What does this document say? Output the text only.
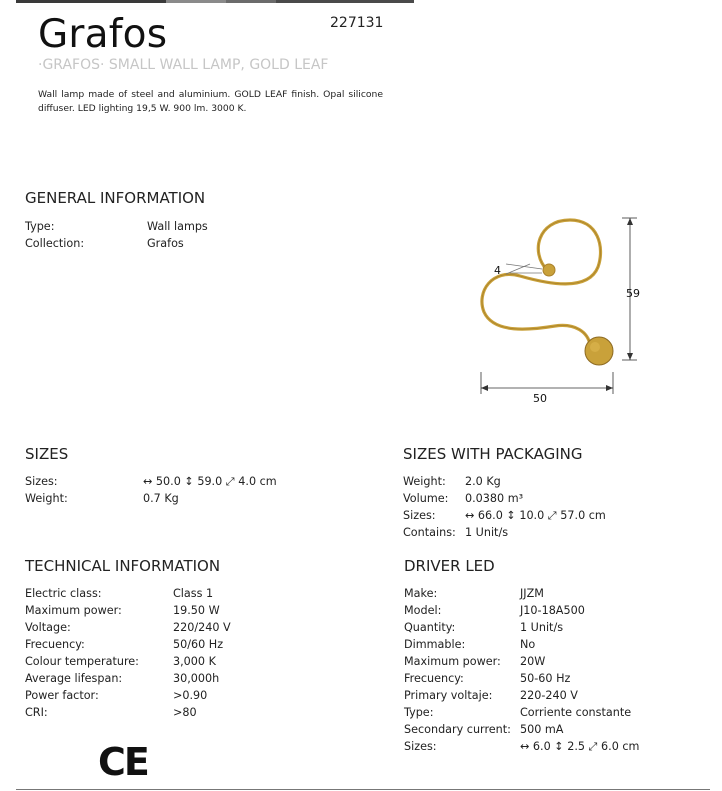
Grafos	227131
·GRAFOS· SMALL WALL LAMP, GOLD LEAF
Wall lamp made of steel and aluminium. GOLD LEAF finish. Opal silicone diffuser. LED lighting 19,5 W. 900 lm. 3000 K.
GENERAL INFORMATION
Type:	Wall lamps
Collection:	Grafos
4
59
50
SIZES
Sizes:	↔ 50.0 ↕ 59.0 ⤢ 4.0 cm
Weight:	0.7 Kg
SIZES WITH PACKAGING
Weight: 2.0 Kg
Volume: 0.0380 m³
Sizes:	↔ 66.0 ↕ 10.0 ⤢ 57.0 cm
Contains: 1 Unit/s
TECHNICAL INFORMATION
Electric class:	Class 1
Maximum power:	19.50 W
Voltage:	220/240 V
Frecuency:	50/60 Hz
Colour temperature:	3,000 K
Average lifespan:	30,000h
Power factor:	>0.90
CRI:	>80
DRIVER LED
Make:	JJZM
Model:	J10-18A500
Quantity:	1 Unit/s
Dimmable:	No
Maximum power: 20W
Frecuency:	50-60 Hz
Primary voltaje: 220-240 V
Type:	Corriente constante
Secondary current: 500 mA
Sizes:	↔ 6.0 ↕ 2.5 ⤢ 6.0 cm
CE
